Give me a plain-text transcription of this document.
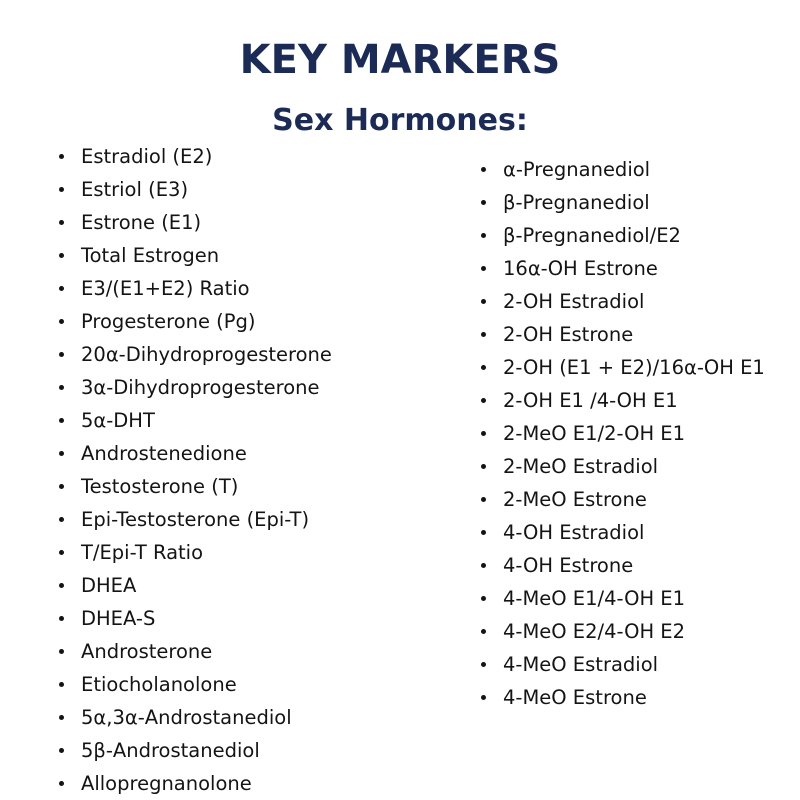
KEY MARKERS
Sex Hormones:
Estradiol (E2)
Estriol (E3)
Estrone (E1)
Total Estrogen
E3/(E1+E2) Ratio
Progesterone (Pg)
20α-Dihydroprogesterone
3α-Dihydroprogesterone
5α-DHT
Androstenedione
Testosterone (T)
Epi-Testosterone (Epi-T)
T/Epi-T Ratio
DHEA
DHEA-S
Androsterone
Etiocholanolone
5α,3α-Androstanediol
5β-Androstanediol
Allopregnanolone
α-Pregnanediol
β-Pregnanediol
β-Pregnanediol/E2
16α-OH Estrone
2-OH Estradiol
2-OH Estrone
2-OH (E1 + E2)/16α-OH E1
2-OH E1 /4-OH E1
2-MeO E1/2-OH E1
2-MeO Estradiol
2-MeO Estrone
4-OH Estradiol
4-OH Estrone
4-MeO E1/4-OH E1
4-MeO E2/4-OH E2
4-MeO Estradiol
4-MeO Estrone
